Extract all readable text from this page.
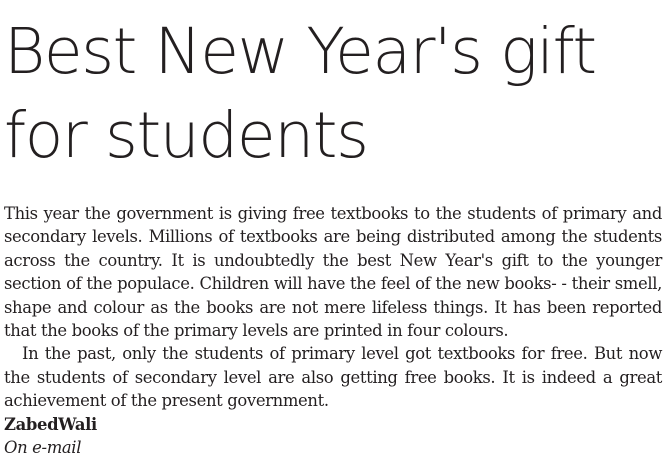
Best New Year's gift
for students

This year the government is giving free textbooks to the students of primary and secondary levels. Millions of textbooks are being distributed among the students across the country. It is undoubtedly the best New Year's gift to the younger section of the populace. Children will have the feel of the new books- - their smell, shape and colour as the books are not mere lifeless things. It has been reported that the books of the primary levels are printed in four colours.

In the past, only the students of primary level got textbooks for free. But now the students of secondary level are also getting free books. It is indeed a great achievement of the present government.

ZabedWali

On e-mail
